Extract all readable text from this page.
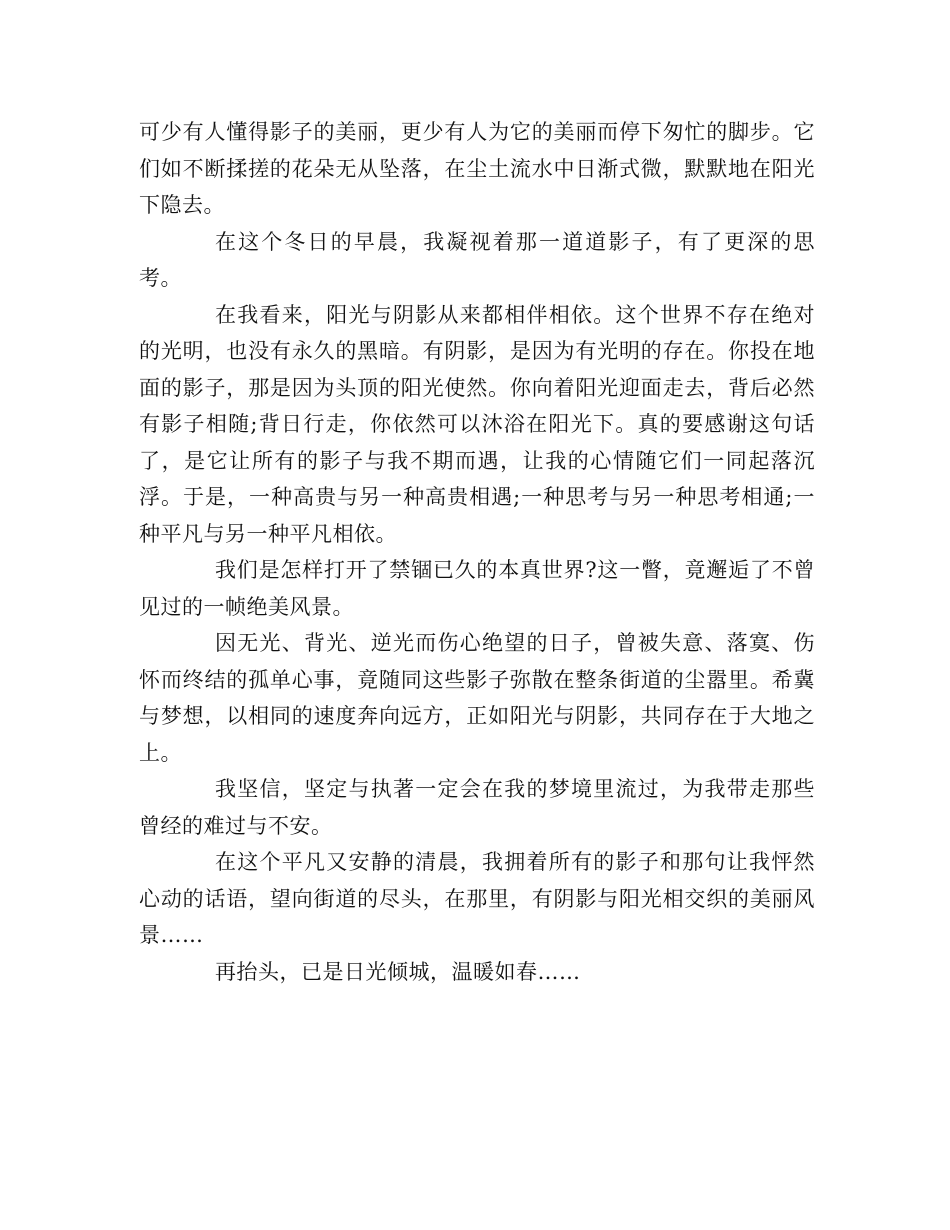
可少有人懂得影子的美丽，更少有人为它的美丽而停下匆忙的脚步。它们如不断揉搓的花朵无从坠落，在尘土流水中日渐式微，默默地在阳光下隐去。

在这个冬日的早晨，我凝视着那一道道影子，有了更深的思考。

在我看来，阳光与阴影从来都相伴相依。这个世界不存在绝对的光明，也没有永久的黑暗。有阴影，是因为有光明的存在。你投在地面的影子，那是因为头顶的阳光使然。你向着阳光迎面走去，背后必然有影子相随;背日行走，你依然可以沐浴在阳光下。真的要感谢这句话了，是它让所有的影子与我不期而遇，让我的心情随它们一同起落沉浮。于是，一种高贵与另一种高贵相遇;一种思考与另一种思考相通;一种平凡与另一种平凡相依。

我们是怎样打开了禁锢已久的本真世界?这一瞥，竟邂逅了不曾见过的一帧绝美风景。

因无光、背光、逆光而伤心绝望的日子，曾被失意、落寞、伤怀而终结的孤单心事，竟随同这些影子弥散在整条街道的尘嚣里。希冀与梦想，以相同的速度奔向远方，正如阳光与阴影，共同存在于大地之上。

我坚信，坚定与执著一定会在我的梦境里流过，为我带走那些曾经的难过与不安。

在这个平凡又安静的清晨，我拥着所有的影子和那句让我怦然心动的话语，望向街道的尽头，在那里，有阴影与阳光相交织的美丽风景……

再抬头，已是日光倾城，温暖如春……
